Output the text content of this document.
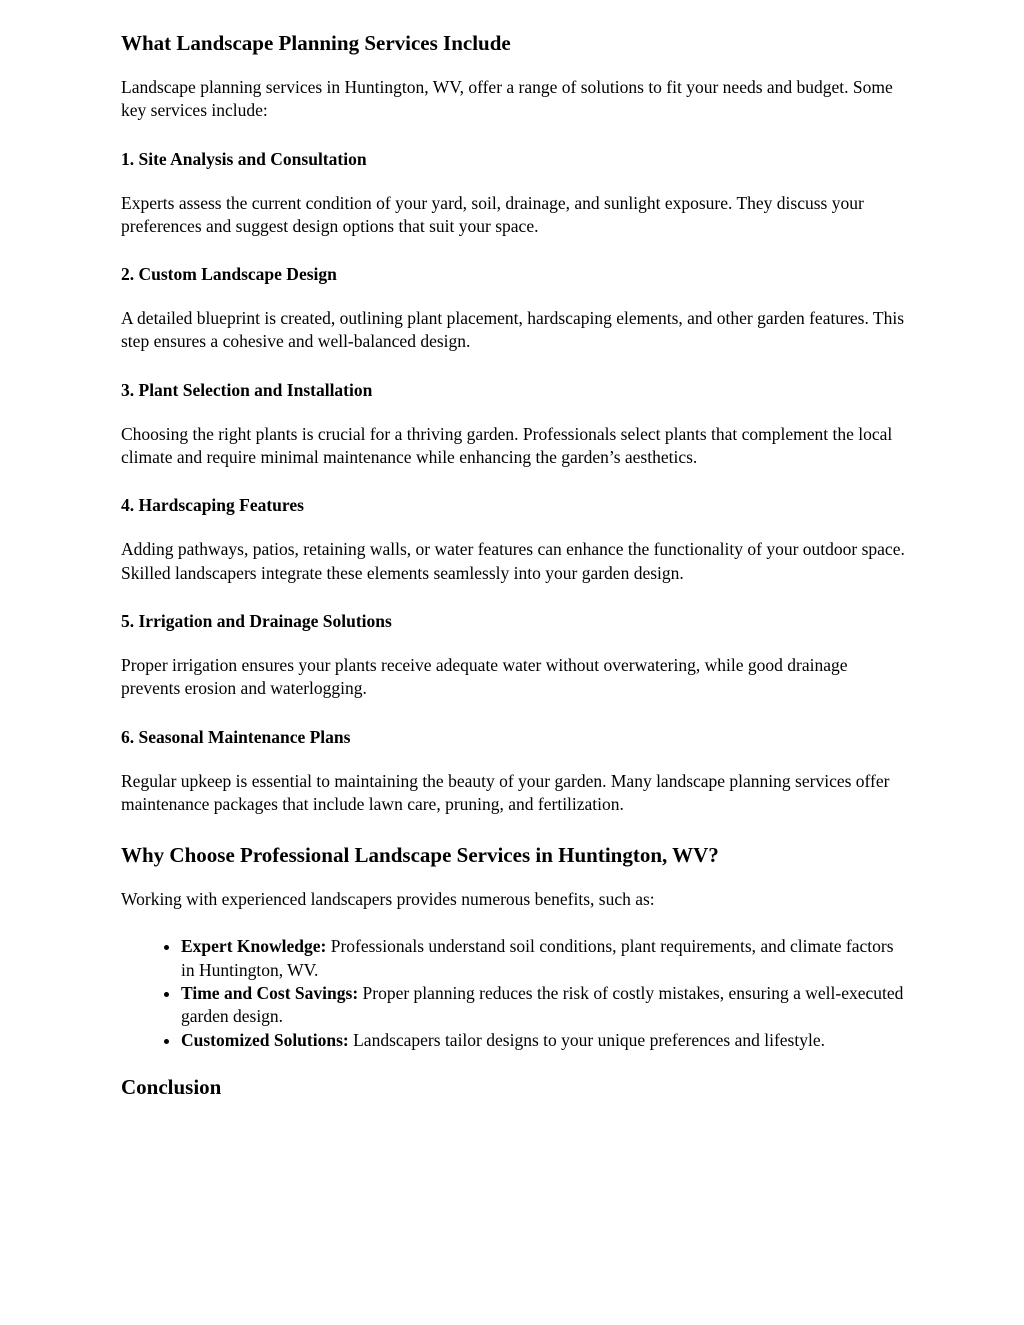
What Landscape Planning Services Include

Landscape planning services in Huntington, WV, offer a range of solutions to fit your needs and budget. Some key services include:

1. Site Analysis and Consultation

Experts assess the current condition of your yard, soil, drainage, and sunlight exposure. They discuss your preferences and suggest design options that suit your space.

2. Custom Landscape Design

A detailed blueprint is created, outlining plant placement, hardscaping elements, and other garden features. This step ensures a cohesive and well-balanced design.

3. Plant Selection and Installation

Choosing the right plants is crucial for a thriving garden. Professionals select plants that complement the local climate and require minimal maintenance while enhancing the garden’s aesthetics.

4. Hardscaping Features

Adding pathways, patios, retaining walls, or water features can enhance the functionality of your outdoor space. Skilled landscapers integrate these elements seamlessly into your garden design.

5. Irrigation and Drainage Solutions

Proper irrigation ensures your plants receive adequate water without overwatering, while good drainage prevents erosion and waterlogging.

6. Seasonal Maintenance Plans

Regular upkeep is essential to maintaining the beauty of your garden. Many landscape planning services offer maintenance packages that include lawn care, pruning, and fertilization.

Why Choose Professional Landscape Services in Huntington, WV?

Working with experienced landscapers provides numerous benefits, such as:

• Expert Knowledge: Professionals understand soil conditions, plant requirements, and climate factors in Huntington, WV.
• Time and Cost Savings: Proper planning reduces the risk of costly mistakes, ensuring a well-executed garden design.
• Customized Solutions: Landscapers tailor designs to your unique preferences and lifestyle.
Conclusion
